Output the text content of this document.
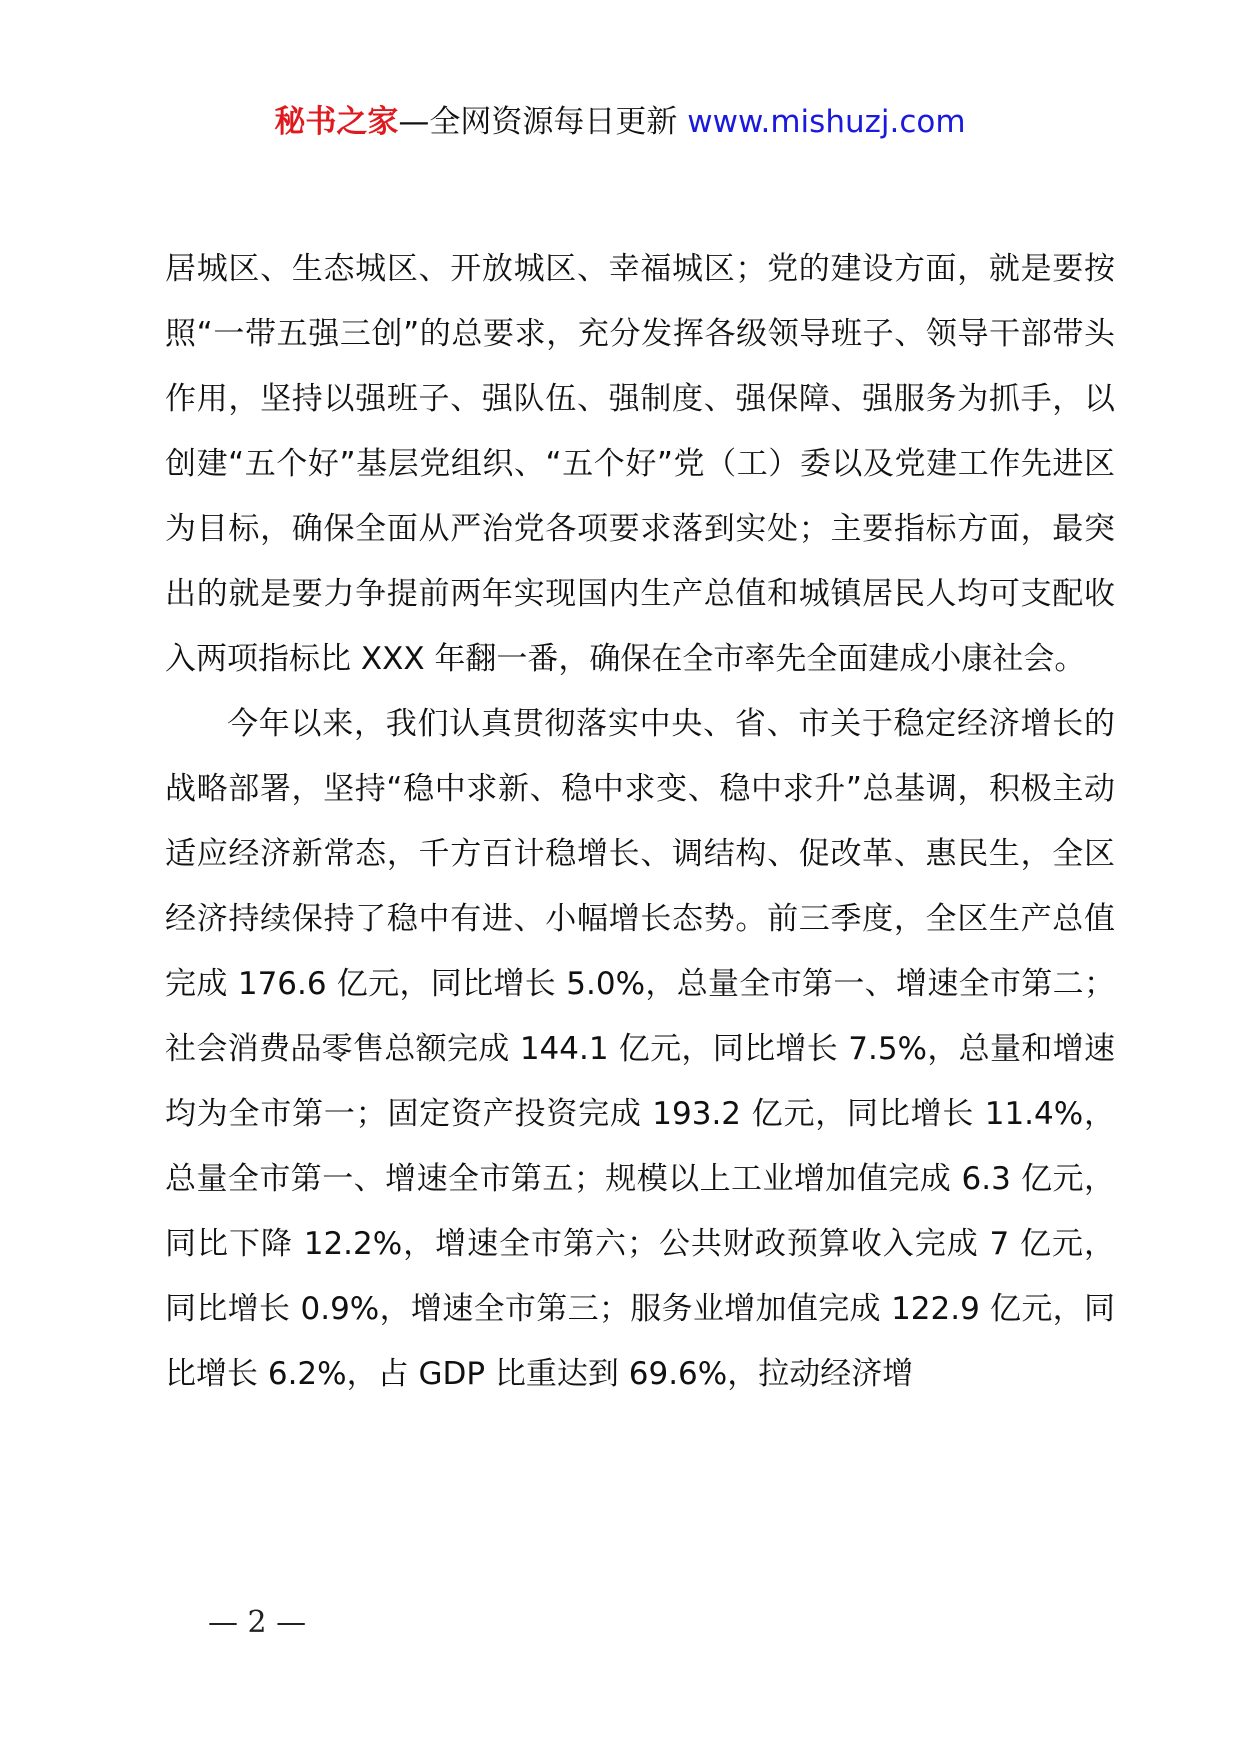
秘书之家—全网资源每日更新 www.mishuzj.com

居城区、生态城区、开放城区、幸福城区；党的建设方面，就是要按照“一带五强三创”的总要求，充分发挥各级领导班子、领导干部带头作用，坚持以强班子、强队伍、强制度、强保障、强服务为抓手，以创建“五个好”基层党组织、“五个好”党（工）委以及党建工作先进区为目标，确保全面从严治党各项要求落到实处；主要指标方面，最突出的就是要力争提前两年实现国内生产总值和城镇居民人均可支配收入两项指标比 XXX 年翻一番，确保在全市率先全面建成小康社会。

今年以来，我们认真贯彻落实中央、省、市关于稳定经济增长的战略部署，坚持“稳中求新、稳中求变、稳中求升”总基调，积极主动适应经济新常态，千方百计稳增长、调结构、促改革、惠民生，全区经济持续保持了稳中有进、小幅增长态势。前三季度，全区生产总值完成 176.6 亿元，同比增长 5.0%，总量全市第一、增速全市第二；社会消费品零售总额完成 144.1 亿元，同比增长 7.5%，总量和增速均为全市第一；固定资产投资完成 193.2 亿元，同比增长 11.4%，总量全市第一、增速全市第五；规模以上工业增加值完成 6.3 亿元，同比下降 12.2%，增速全市第六；公共财政预算收入完成 7 亿元，同比增长 0.9%，增速全市第三；服务业增加值完成 122.9 亿元，同比增长 6.2%，占 GDP 比重达到 69.6%，拉动经济增

— 2 —
